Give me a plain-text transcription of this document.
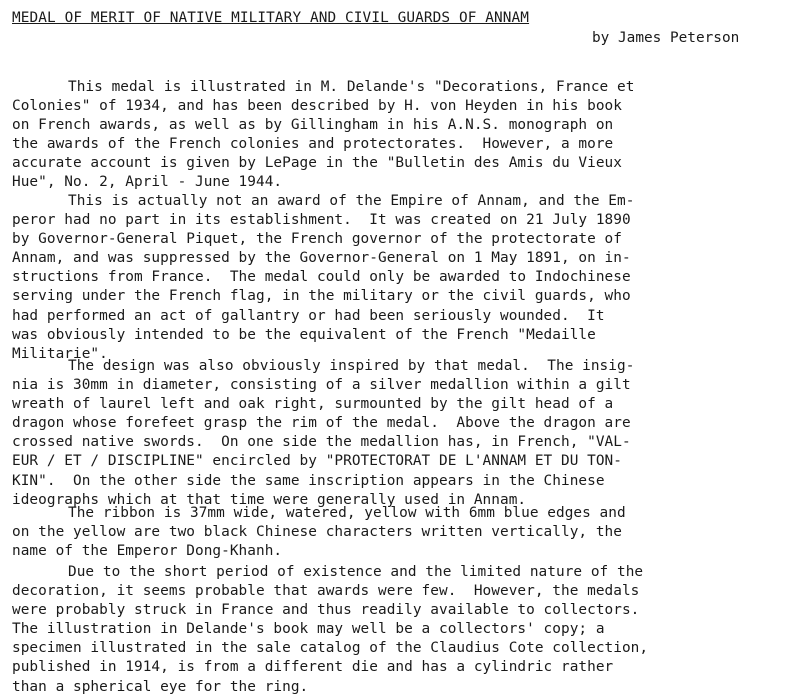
MEDAL OF MERIT OF NATIVE MILITARY AND CIVIL GUARDS OF ANNAM
by James Peterson
This medal is illustrated in M. Delande's "Decorations, France et
Colonies" of 1934, and has been described by H. von Heyden in his book
on French awards, as well as by Gillingham in his A.N.S. monograph on
the awards of the French colonies and protectorates.  However, a more
accurate account is given by LePage in the "Bulletin des Amis du Vieux
Hue", No. 2, April - June 1944.
This is actually not an award of the Empire of Annam, and the Em-
peror had no part in its establishment.  It was created on 21 July 1890
by Governor-General Piquet, the French governor of the protectorate of
Annam, and was suppressed by the Governor-General on 1 May 1891, on in-
structions from France.  The medal could only be awarded to Indochinese
serving under the French flag, in the military or the civil guards, who
had performed an act of gallantry or had been seriously wounded.  It
was obviously intended to be the equivalent of the French "Medaille
Militarie".
The design was also obviously inspired by that medal.  The insig-
nia is 30mm in diameter, consisting of a silver medallion within a gilt
wreath of laurel left and oak right, surmounted by the gilt head of a
dragon whose forefeet grasp the rim of the medal.  Above the dragon are
crossed native swords.  On one side the medallion has, in French, "VAL-
EUR / ET / DISCIPLINE" encircled by "PROTECTORAT DE L'ANNAM ET DU TON-
KIN".  On the other side the same inscription appears in the Chinese
ideographs which at that time were generally used in Annam.
The ribbon is 37mm wide, watered, yellow with 6mm blue edges and
on the yellow are two black Chinese characters written vertically, the
name of the Emperor Dong-Khanh.
Due to the short period of existence and the limited nature of the
decoration, it seems probable that awards were few.  However, the medals
were probably struck in France and thus readily available to collectors.
The illustration in Delande's book may well be a collectors' copy; a
specimen illustrated in the sale catalog of the Claudius Cote collection,
published in 1914, is from a different die and has a cylindric rather
than a spherical eye for the ring.
